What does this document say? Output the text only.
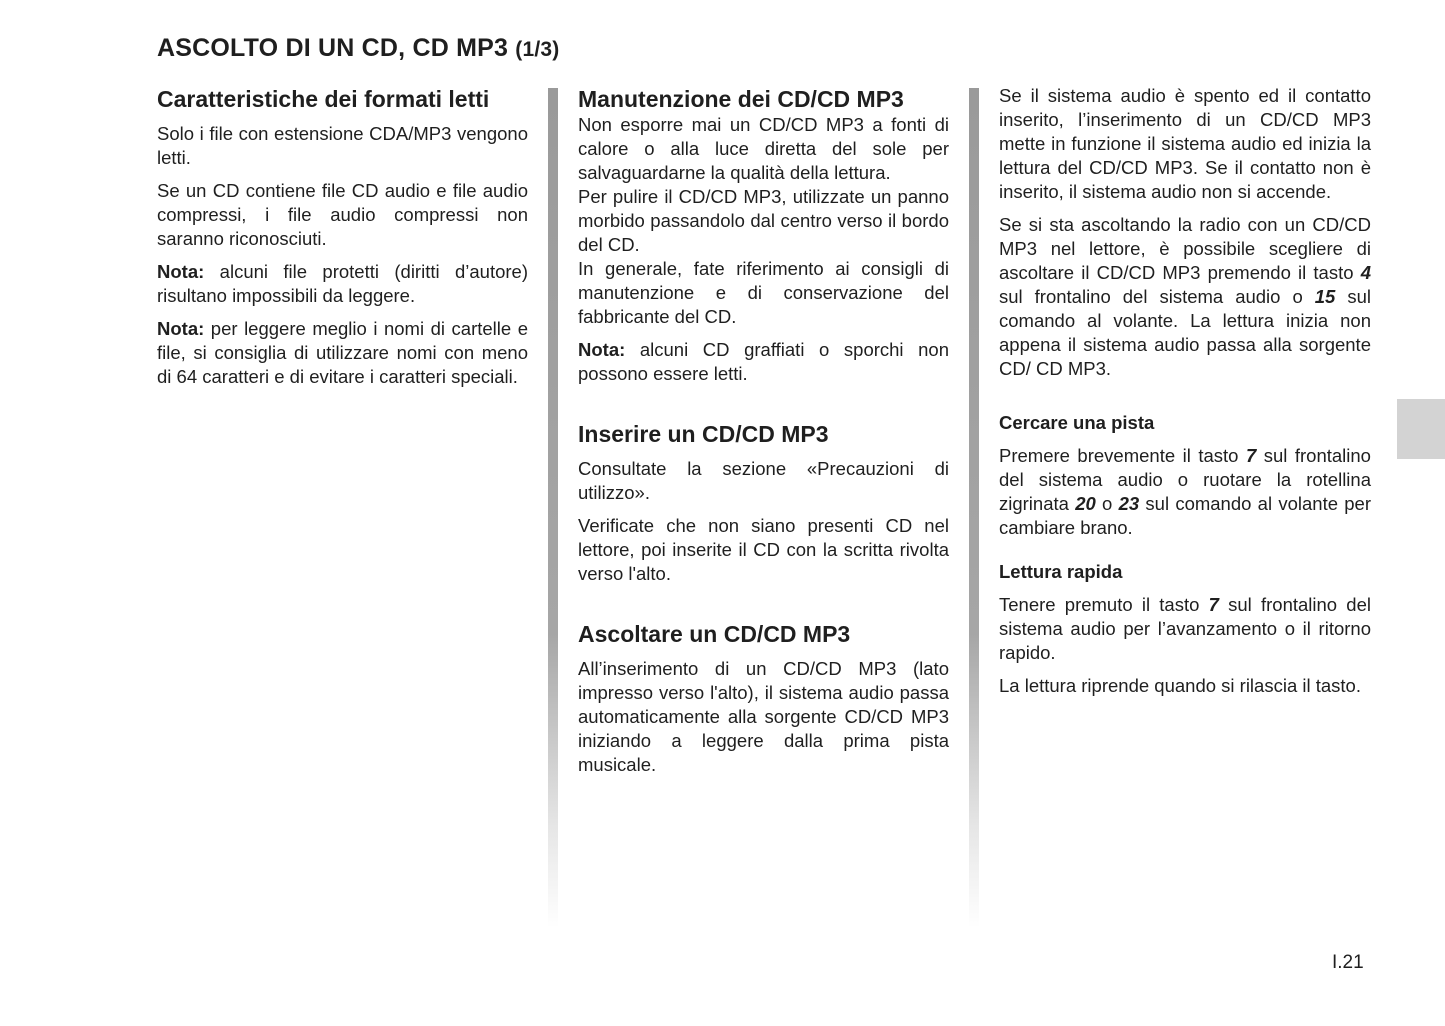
ASCOLTO DI UN CD, CD MP3 (1/3)
Caratteristiche dei formati letti

Solo i file con estensione CDA/MP3 vengono letti.

Se un CD contiene file CD audio e file audio compressi, i file audio compressi non saranno riconosciuti.

Nota: alcuni file protetti (diritti d’autore) risultano impossibili da leggere.

Nota: per leggere meglio i nomi di cartelle e file, si consiglia di utilizzare nomi con meno di 64 caratteri e di evitare i caratteri speciali.

Manutenzione dei CD/CD MP3

Non esporre mai un CD/CD MP3 a fonti di calore o alla luce diretta del sole per salvaguardarne la qualità della lettura.

Per pulire il CD/CD MP3, utilizzate un panno morbido passandolo dal centro verso il bordo del CD.

In generale, fate riferimento ai consigli di manutenzione e di conservazione del fabbricante del CD.

Nota: alcuni CD graffiati o sporchi non possono essere letti.

Inserire un CD/CD MP3

Consultate la sezione «Precauzioni di utilizzo».

Verificate che non siano presenti CD nel lettore, poi inserite il CD con la scritta rivolta verso l'alto.

Ascoltare un CD/CD MP3

All’inserimento di un CD/CD MP3 (lato impresso verso l'alto), il sistema audio passa automaticamente alla sorgente CD/CD MP3 iniziando a leggere dalla prima pista musicale.

Se il sistema audio è spento ed il contatto inserito, l’inserimento di un CD/CD MP3 mette in funzione il sistema audio ed inizia la lettura del CD/CD MP3. Se il contatto non è inserito, il sistema audio non si accende.

Se si sta ascoltando la radio con un CD/CD MP3 nel lettore, è possibile scegliere di ascoltare il CD/CD MP3 premendo il tasto 4 sul frontalino del sistema audio o 15 sul comando al volante. La lettura inizia non appena il sistema audio passa alla sorgente CD/ CD MP3.

Cercare una pista

Premere brevemente il tasto 7 sul frontalino del sistema audio o ruotare la rotellina zigrinata 20 o 23 sul comando al volante per cambiare brano.

Lettura rapida

Tenere premuto il tasto 7 sul frontalino del sistema audio per l’avanzamento o il ritorno rapido.

La lettura riprende quando si rilascia il tasto.

I.21
